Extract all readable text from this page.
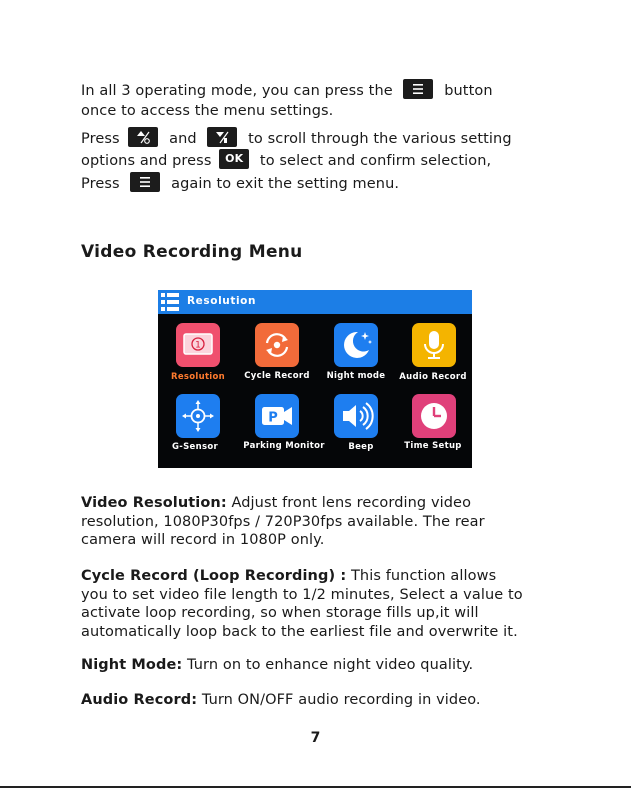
In all 3 operating mode, you can press the	button
once to access the menu settings.
Press	and	to scroll through the various setting
options and press OK to select and confirm selection,
Press	again to exit the setting menu.
Video Recording Menu
Resolution
1
Resolution	Cycle Record	Night mode	Audio Record
P
G-Sensor	Parking Monitor	Beep	Time Setup
Video Resolution: Adjust front lens recording video
resolution, 1080P30fps / 720P30fps available. The rear
camera will record in 1080P only.
Cycle Record (Loop Recording) : This function allows
you to set video file length to 1/2 minutes, Select a value to
activate loop recording, so when storage fills up,it will
automatically loop back to the earliest file and overwrite it.
Night Mode: Turn on to enhance night video quality.
Audio Record: Turn ON/OFF audio recording in video.
7
